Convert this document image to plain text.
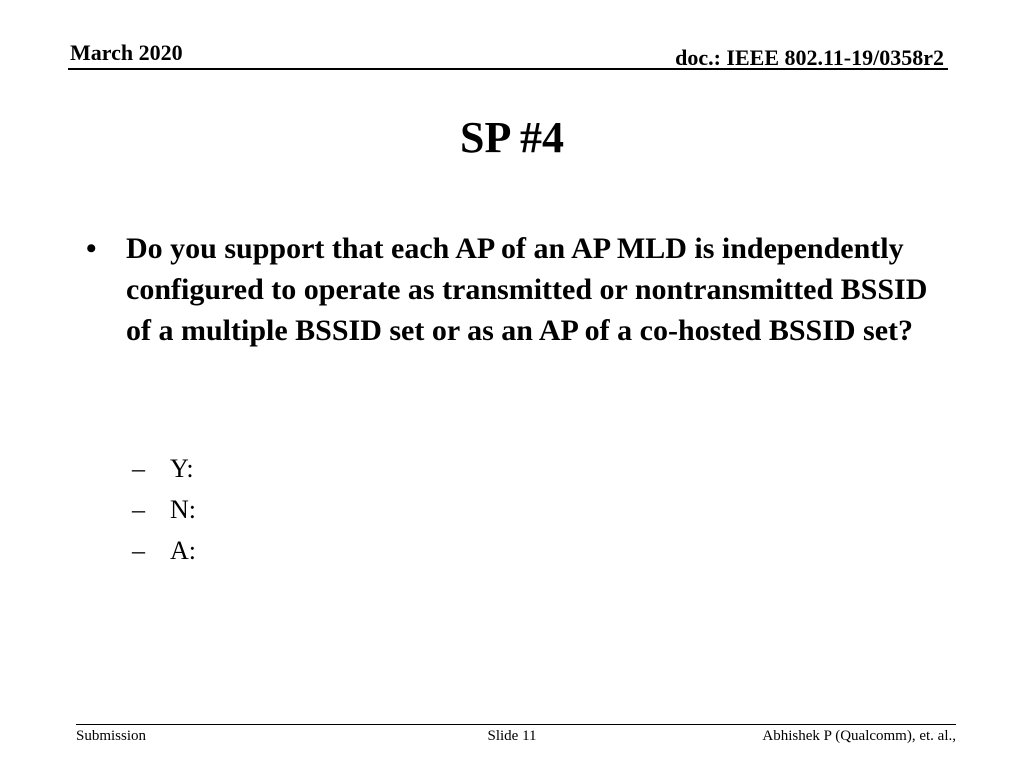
March 2020	doc.: IEEE 802.11-19/0358r2
SP #4
• Do you support that each AP of an AP MLD is independently configured to operate as transmitted or nontransmitted BSSID of a multiple BSSID set or as an AP of a co-hosted BSSID set?
– Y:
– N:
– A:
Submission	Slide 11	Abhishek P (Qualcomm), et. al.,
